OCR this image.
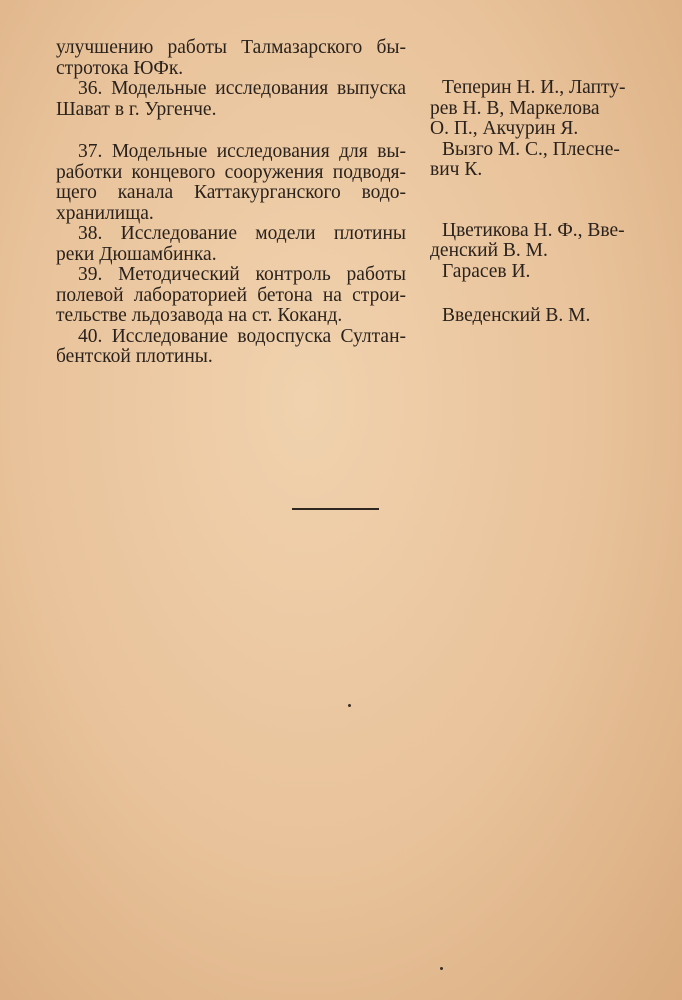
улучшению работы Талмазарского бы-
стротока ЮФк.

36. Модельные исследования выпуска
Шават в г. Ургенче.

37. Модельные исследования для вы-
работки концевого сооружения подводя-
щего канала Каттакурганского водо-
хранилища.

38. Исследование модели плотины
реки Дюшамбинка.

39. Методический контроль работы
полевой лабораторией бетона на строи-
тельстве льдозавода на ст. Коканд.

40. Исследование водоспуска Султан-
бентской плотины.

Теперин Н. И., Лапту-
рев Н. В, Маркелова
О. П., Акчурин Я.

Вызго М. С., Плесне-
вич К.

Цветикова Н. Ф., Вве-
денский В. М.

Гарасев И.

Введенский В. М.
